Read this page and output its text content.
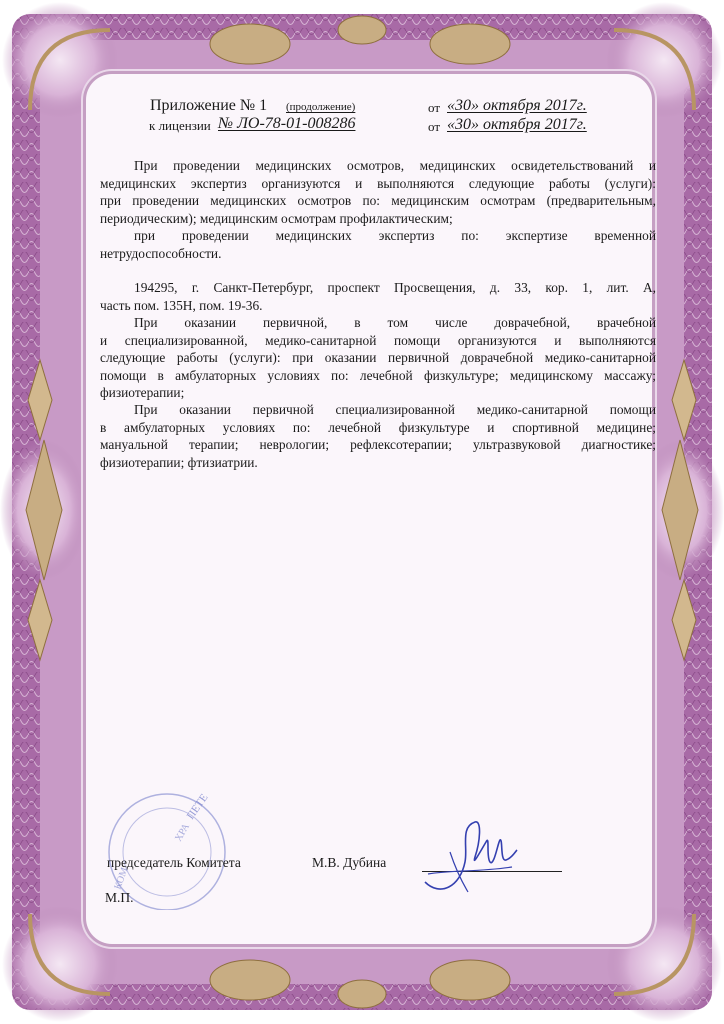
Приложение № 1 (продолжение)
к лицензии № ЛО-78-01-008286
от «30» октября 2017г.
от «30» октября 2017г.
При проведении медицинских осмотров, медицинских освидетельствований и
медицинских экспертиз организуются и выполняются следующие работы (услуги):
при проведении медицинских осмотров по: медицинским осмотрам (предварительным,
периодическим); медицинским осмотрам профилактическим;
при проведении медицинских экспертиз по: экспертизе временной
нетрудоспособности.
194295, г. Санкт-Петербург, проспект Просвещения, д. 33, кор. 1, лит. А,
часть пом. 135Н, пом. 19-36.
При оказании первичной, в том числе доврачебной, врачебной
и специализированной, медико-санитарной помощи организуются и выполняются
следующие работы (услуги): при оказании первичной доврачебной медико-санитарной
помощи в амбулаторных условиях по: лечебной физкультуре; медицинскому массажу;
физиотерапии;
При оказании первичной специализированной медико-санитарной помощи
в амбулаторных условиях по: лечебной физкультуре и спортивной медицине;
мануальной терапии; неврологии; рефлексотерапии; ультразвуковой диагностике;
физиотерапии; фтизиатрии.
ПЕТЕ
ХРА
КОМ
председатель Комитета	М.В. Дубина
М.П.
